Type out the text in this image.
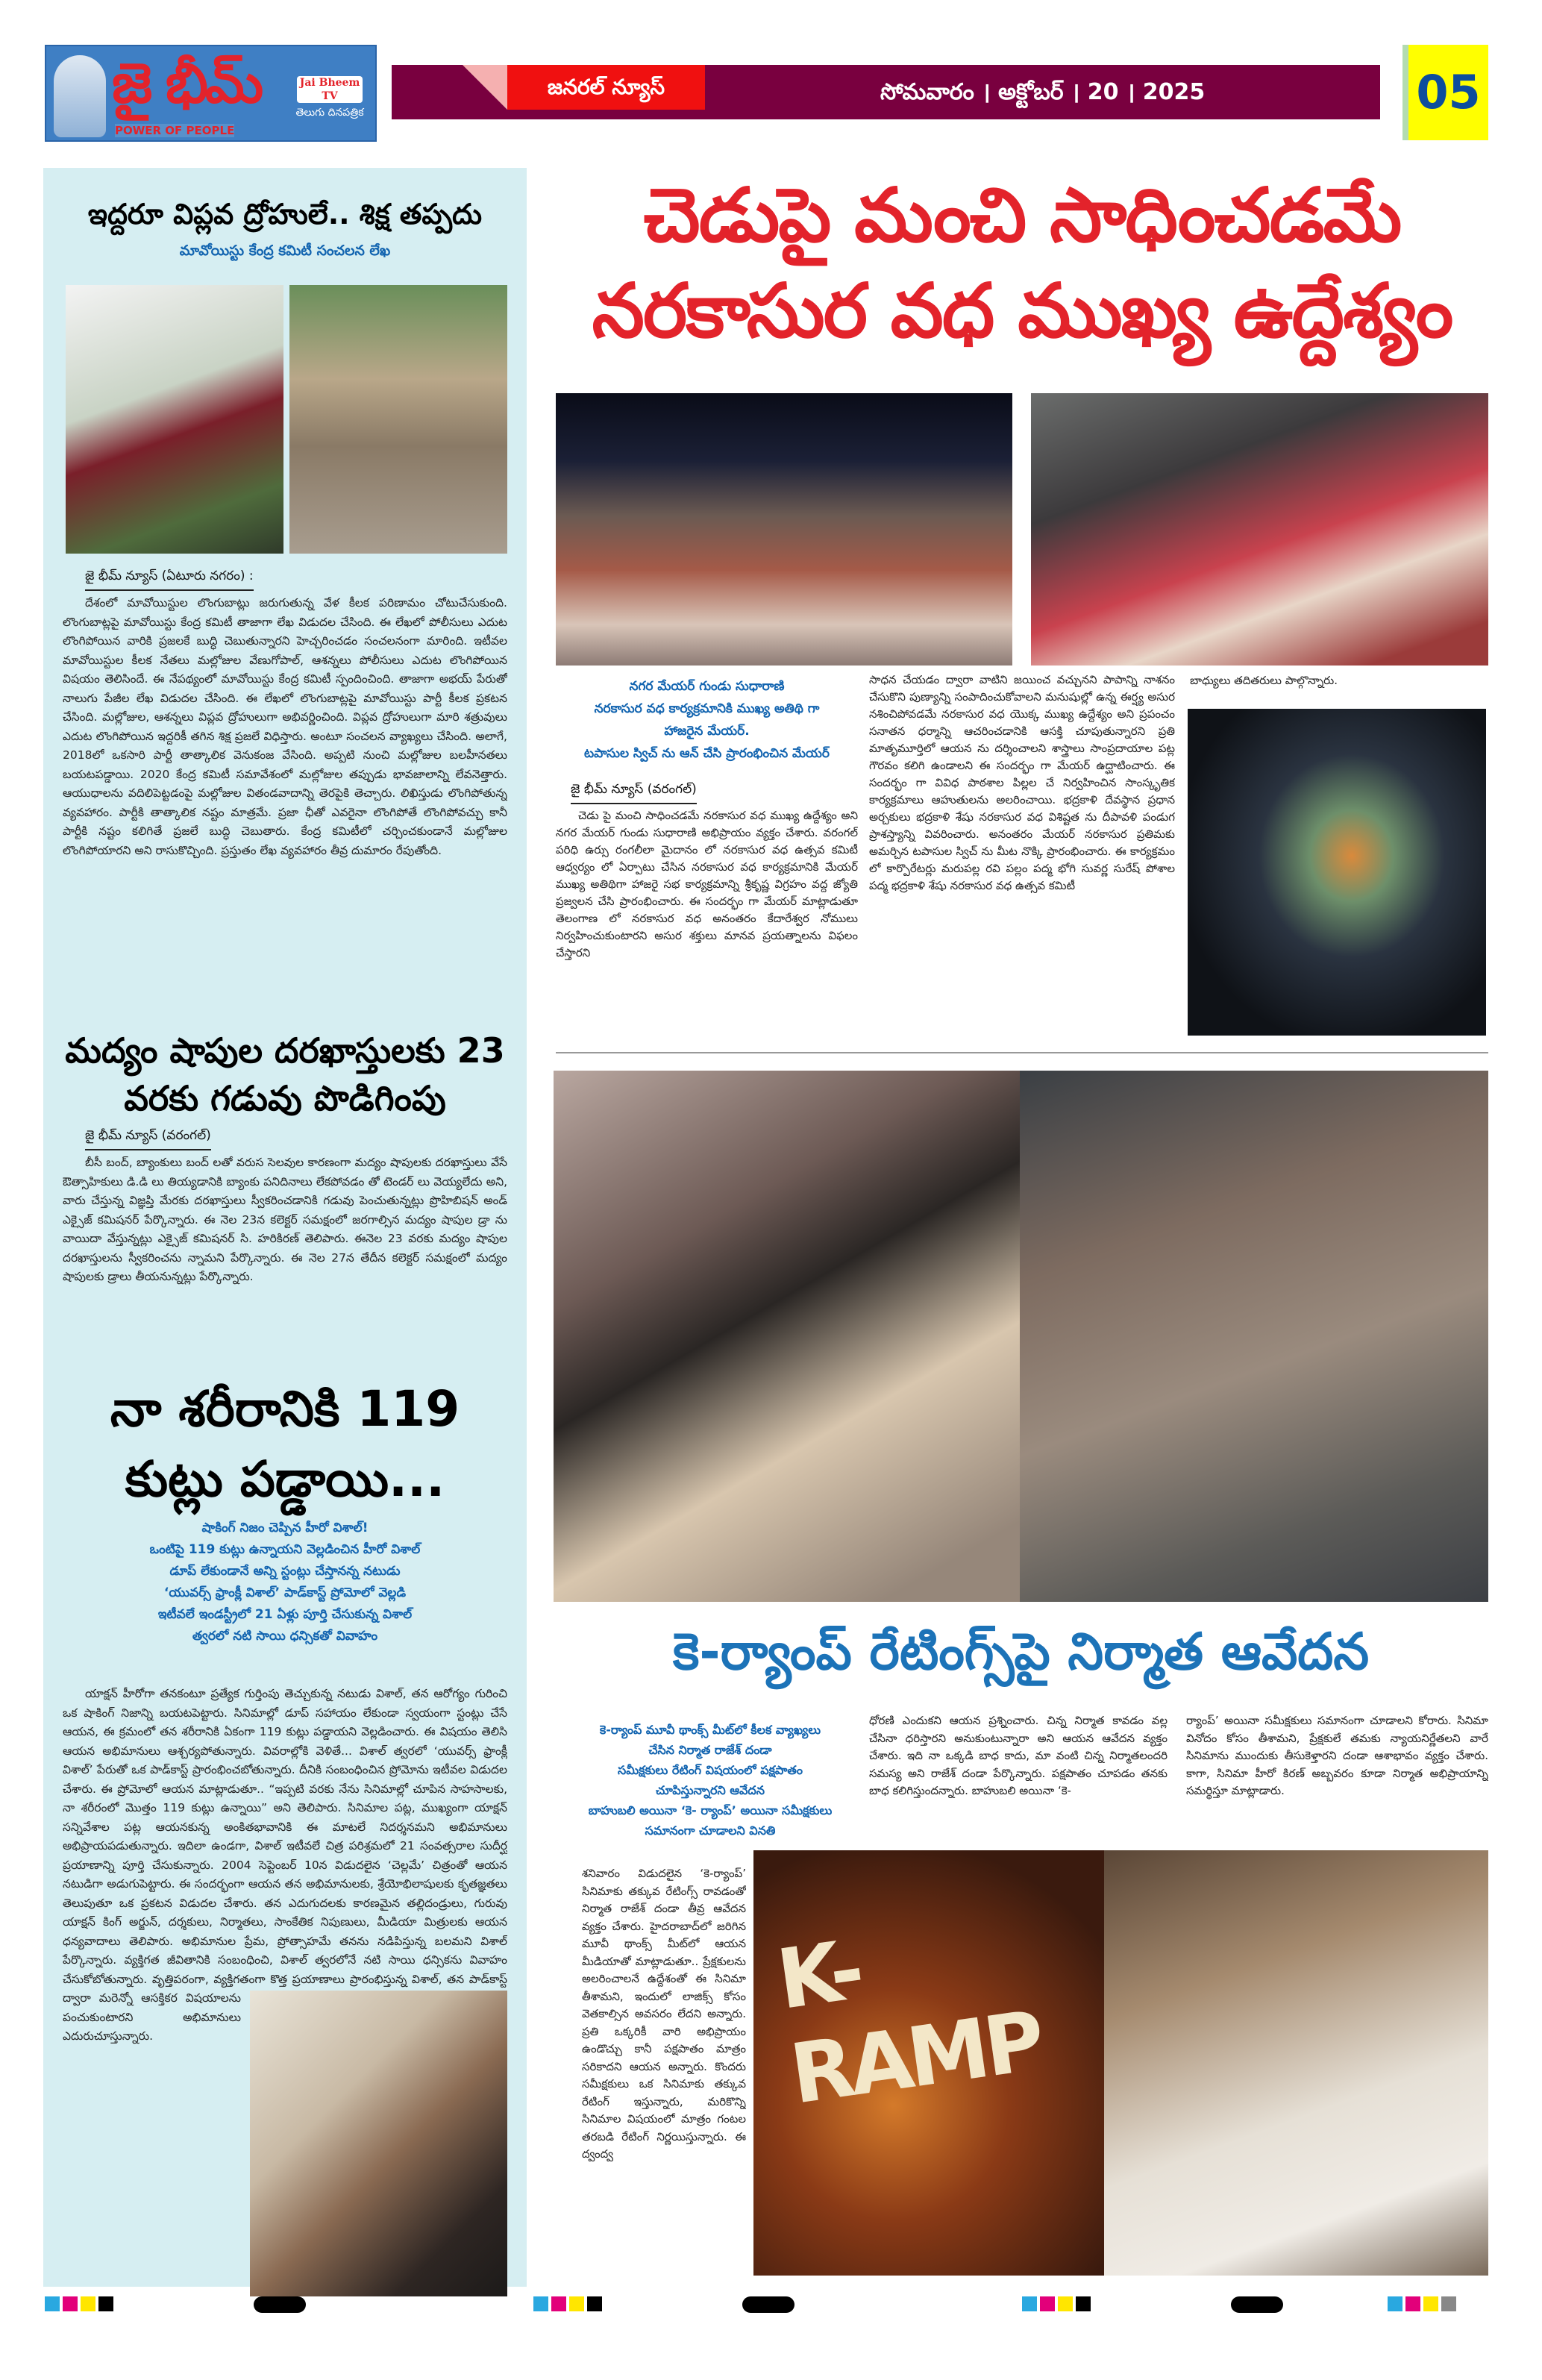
జై భీమ్
POWER OF PEOPLE
Jai Bheem TV
తెలుగు దినపత్రిక
జనరల్ న్యూస్	సోమవారం । అక్టోబర్ । 20 । 2025	05
ఇద్దరూ విప్లవ ద్రోహులే.. శిక్ష తప్పదు
మావోయిస్టు కేంద్ర కమిటీ సంచలన లేఖ
జై భీమ్ న్యూస్ (ఏటూరు నగరం) :
దేశంలో మావోయిస్టుల లొంగుబాట్లు జరుగుతున్న వేళ కీలక పరిణామం చోటుచేసుకుంది. లొంగుబాట్లపై మావోయిస్టు కేంద్ర కమిటీ తాజాగా లేఖ విడుదల చేసింది. ఈ లేఖలో పోలీసులు ఎదుట లొంగిపోయిన వారికి ప్రజలకే బుద్ధి చెబుతున్నారని హెచ్చరించడం సంచలనంగా మారింది. ఇటీవల మావోయిస్టుల కీలక నేతలు మల్లోజుల వేణుగోపాల్, ఆశన్నలు పోలీసులు ఎదుట లొంగిపోయిన విషయం తెలిసిందే. ఈ నేపథ్యంలో మావోయిస్టు కేంద్ర కమిటీ స్పందించింది. తాజాగా అభయ్ పేరుతో నాలుగు పేజీల లేఖ విడుదల చేసింది. ఈ లేఖలో లొంగుబాట్లపై మావోయిస్టు పార్టీ కీలక ప్రకటన చేసింది. మల్లోజుల, ఆశన్నలు విప్లవ ద్రోహులుగా అభివర్ణించింది. విప్లవ ద్రోహులుగా మారి శత్రువులు ఎదుట లొంగిపోయిన ఇద్దరికీ తగిన శిక్ష ప్రజలే విధిస్తారు. అంటూ సంచలన వ్యాఖ్యలు చేసింది. అలాగే, 2018లో ఒకసారి పార్టీ తాత్కాలిక వెనుకంజ వేసింది. అప్పటి నుంచి మల్లోజుల బలహీనతలు బయటపడ్డాయి. 2020 కేంద్ర కమిటీ సమావేశంలో మల్లోజుల తప్పుడు భావజాలాన్ని లేవనెత్తారు. ఆయుధాలను వదిలిపెట్టడంపై మల్లోజుల వితండవాదాన్ని తెరపైకి తెచ్చారు. లిఖిస్తుడు లొంగిపోతున్న వ్యవహారం. పార్టీకి తాత్కాలిక నష్టం మాత్రమే. ప్రజా ఛీతో ఎవరైనా లొంగిపోతే లొంగిపోవచ్చు కానీ పార్టీకి నష్టం కలిగితే ప్రజలే బుద్ధి చెబుతారు. కేంద్ర కమిటీలో చర్చించకుండానే మల్లోజుల లొంగిపోయారని అని రాసుకొచ్చింది. ప్రస్తుతం లేఖ వ్యవహారం తీవ్ర దుమారం రేపుతోంది.
మద్యం షాపుల దరఖాస్తులకు 23 వరకు గడువు పొడిగింపు
జై భీమ్ న్యూస్ (వరంగల్)
బీసీ బంద్, బ్యాంకులు బంద్ లతో వరుస సెలవుల కారణంగా మద్యం షాపులకు దరఖాస్తులు వేసే ఔత్సాహికులు డి.డి లు తియ్యడానికి బ్యాంకు పనిదినాలు లేకపోవడం తో టెండర్ లు వెయ్యలేదు అని, వారు చేస్తున్న విజ్ఞప్తి మేరకు దరఖాస్తులు స్వీకరించడానికి గడువు పెంచుతున్నట్లు ప్రొహిబిషన్ అండ్ ఎక్సైజ్ కమిషనర్ పేర్కొన్నారు. ఈ నెల 23న కలెక్టర్ సమక్షంలో జరగాల్సిన మద్యం షాపుల డ్రా ను వాయిదా వేస్తున్నట్లు ఎక్సైజ్ కమిషనర్ సి. హరికిరణ్ తెలిపారు. ఈనెల 23 వరకు మద్యం షాపుల దరఖాస్తులను స్వీకరించను న్నామని పేర్కొన్నారు. ఈ నెల 27న తేదీన కలెక్టర్ సమక్షంలో మద్యం షాపులకు డ్రాలు తీయనున్నట్లు పేర్కొన్నారు.
నా శరీరానికి 119
కుట్లు పడ్డాయి...
షాకింగ్ నిజం చెప్పిన హీరో విశాల్!
ఒంటిపై 119 కుట్లు ఉన్నాయని వెల్లడించిన హీరో విశాల్
డూప్ లేకుండానే అన్ని స్టంట్లు చేస్తానన్న నటుడు
‘యువర్స్ ఫ్రాంక్లీ విశాల్’ పాడ్‌కాస్ట్ ప్రోమోలో వెల్లడి
ఇటీవలే ఇండస్ట్రీలో 21 ఏళ్లు పూర్తి చేసుకున్న విశాల్
త్వరలో నటి సాయి ధన్సికతో వివాహం
యాక్షన్ హీరోగా తనకంటూ ప్రత్యేక గుర్తింపు తెచ్చుకున్న నటుడు విశాల్, తన ఆరోగ్యం గురించి ఒక షాకింగ్ నిజాన్ని బయటపెట్టారు. సినిమాల్లో డూప్ సహాయం లేకుండా స్వయంగా స్టంట్లు చేసే ఆయన, ఈ క్రమంలో తన శరీరానికి ఏకంగా 119 కుట్లు పడ్డాయని వెల్లడించారు. ఈ విషయం తెలిసి ఆయన అభిమానులు ఆశ్చర్యపోతున్నారు. వివరాల్లోకి వెళితే... విశాల్ త్వరలో ‘యువర్స్ ఫ్రాంక్లీ విశాల్’ పేరుతో ఒక పాడ్‌కాస్ట్ ప్రారంభించబోతున్నారు. దీనికి సంబంధించిన ప్రోమోను ఇటీవల విడుదల చేశారు. ఈ ప్రోమోలో ఆయన మాట్లాడుతూ.. “ఇప్పటి వరకు నేను సినిమాల్లో చూపిన సాహసాలకు, నా శరీరంలో మొత్తం 119 కుట్లు ఉన్నాయి” అని తెలిపారు. సినిమాల పట్ల, ముఖ్యంగా యాక్షన్ సన్నివేశాల పట్ల ఆయనకున్న అంకితభావానికి ఈ మాటలే నిదర్శనమని అభిమానులు అభిప్రాయపడుతున్నారు. ఇదిలా ఉండగా, విశాల్ ఇటీవలే చిత్ర పరిశ్రమలో 21 సంవత్సరాల సుదీర్ఘ ప్రయాణాన్ని పూర్తి చేసుకున్నారు. 2004 సెప్టెంబర్ 10న విడుదలైన ‘చెల్లమే’ చిత్రంతో ఆయన నటుడిగా అడుగుపెట్టారు. ఈ సందర్భంగా ఆయన తన అభిమానులకు, శ్రేయోభిలాషులకు కృతజ్ఞతలు తెలుపుతూ ఒక ప్రకటన విడుదల చేశారు. తన ఎదుగుదలకు కారణమైన తల్లిదండ్రులు, గురువు యాక్షన్ కింగ్ అర్జున్, దర్శకులు, నిర్మాతలు, సాంకేతిక నిపుణులు, మీడియా మిత్రులకు ఆయన ధన్యవాదాలు తెలిపారు. అభిమానుల ప్రేమ, ప్రోత్సాహమే తనను నడిపిస్తున్న బలమని విశాల్ పేర్కొన్నారు. వ్యక్తిగత జీవితానికి సంబంధించి, విశాల్ త్వరలోనే నటి సాయి ధన్సికను వివాహం చేసుకోబోతున్నారు. వృత్తిపరంగా, వ్యక్తిగతంగా కొత్త ప్రయాణాలు ప్రారంభిస్తున్న విశాల్, తన పాడ్‌కాస్ట్ ద్వారా మరెన్నో ఆసక్తికర విషయాలను పంచుకుంటారని అభిమానులు ఎదురుచూస్తున్నారు.
చెడుపై మంచి సాధించడమే
నరకాసుర వధ ముఖ్య ఉద్దేశ్యం
నగర మేయర్ గుండు సుధారాణి
నరకాసుర వధ కార్యక్రమానికి ముఖ్య అతిథి గా
హాజరైన మేయర్.
టపాసుల స్విచ్ ను ఆన్ చేసి ప్రారంభించిన మేయర్
జై భీమ్ న్యూస్ (వరంగల్)
చెడు పై మంచి సాధించడమే నరకాసుర వధ ముఖ్య ఉద్దేశ్యం అని నగర మేయర్ గుండు సుధారాణి అభిప్రాయం వ్యక్తం చేశారు. వరంగల్ పరిధి ఉర్సు రంగలీలా మైదానం లో నరకాసుర వధ ఉత్సవ కమిటీ ఆధ్వర్యం లో ఏర్పాటు చేసిన నరకాసుర వధ కార్యక్రమానికి మేయర్ ముఖ్య అతిథిగా హాజరై సభ కార్యక్రమాన్ని శ్రీకృష్ణ విగ్రహం వద్ద జ్యోతి ప్రజ్వలన చేసి ప్రారంభించారు. ఈ సందర్భం గా మేయర్ మాట్లాడుతూ తెలంగాణ లో నరకాసుర వధ అనంతరం కేదారేశ్వర నోములు నిర్వహించుకుంటారని అసుర శక్తులు మానవ ప్రయత్నాలను విఫలం చేస్తారని
సాధన చేయడం ద్వారా వాటిని జయించ వచ్చునని పాపాన్ని నాశనం చేసుకొని పుణ్యాన్ని సంపాదించుకోవాలని మనుషుల్లో ఉన్న ఈర్ష్య అసుర నశించిపోవడమే నరకాసుర వధ యొక్క ముఖ్య ఉద్దేశ్యం అని ప్రపంచం సనాతన ధర్మాన్ని ఆచరించడానికి ఆసక్తి చూపుతున్నారని ప్రతి మాతృమూర్తిలో ఆయన ను దర్శించాలని శాస్త్రాలు సాంప్రదాయాల పట్ల గౌరవం కలిగి ఉండాలని ఈ సందర్భం గా మేయర్ ఉద్ఘాటించారు. ఈ సందర్భం గా వివిధ పాఠశాల పిల్లల చే నిర్వహించిన సాంస్కృతిక కార్యక్రమాలు ఆహుతులను అలరించాయి. భద్రకాళి దేవస్థాన ప్రధాన అర్చకులు భద్రకాళి శేషు నరకాసుర వధ విశిష్టత ను దీపావళి పండుగ ప్రాశస్త్యాన్ని వివరించారు. అనంతరం మేయర్ నరకాసుర ప్రతిమకు అమర్చిన టపాసుల స్విచ్ ను మీట నొక్కి ప్రారంభించారు. ఈ కార్యక్రమం లో కార్పొరేటర్లు మరుపల్ల రవి పల్లం పద్మ భోగి సువర్ణ సురేష్ పోశాల పద్మ భద్రకాళి శేషు నరకాసుర వధ ఉత్సవ కమిటీ
బాధ్యులు తదితరులు పాల్గొన్నారు.
కె-ర్యాంప్ రేటింగ్స్‌పై నిర్మాత ఆవేదన
కె-ర్యాంప్ మూవీ థాంక్స్ మీట్‌లో కీలక వ్యాఖ్యలు
చేసిన నిర్మాత రాజేశ్ దండా
సమీక్షకులు రేటింగ్ విషయంలో పక్షపాతం
చూపిస్తున్నారని ఆవేదన
బాహుబలి అయినా ‘కె- ర్యాంప్’ అయినా సమీక్షకులు
సమానంగా చూడాలని వినతి
శనివారం విడుదలైన ‘కె-ర్యాంప్’ సినిమాకు తక్కువ రేటింగ్స్ రావడంతో నిర్మాత రాజేశ్ దండా తీవ్ర ఆవేదన వ్యక్తం చేశారు. హైదరాబాద్‌లో జరిగిన మూవీ థాంక్స్ మీట్‌లో ఆయన మీడియాతో మాట్లాడుతూ.. ప్రేక్షకులను అలరించాలనే ఉద్దేశంతో ఈ సినిమా తీశామని, ఇందులో లాజిక్స్ కోసం వెతకాల్సిన అవసరం లేదని అన్నారు. ప్రతి ఒక్కరికీ వారి అభిప్రాయం ఉండొచ్చు కానీ పక్షపాతం మాత్రం సరికాదని ఆయన అన్నారు. కొందరు సమీక్షకులు ఒక సినిమాకు తక్కువ రేటింగ్ ఇస్తున్నారు, మరికొన్ని సినిమాల విషయంలో మాత్రం గంటల తరబడి రేటింగ్ నిర్ణయిస్తున్నారు. ఈ ద్వంద్వ
ధోరణి ఎందుకని ఆయన ప్రశ్నించారు. చిన్న నిర్మాత కావడం వల్ల చేసినా ధరిస్తారని అనుకుంటున్నారా అని ఆయన ఆవేదన వ్యక్తం చేశారు. ఇది నా ఒక్కడి బాధ కాదు, మా వంటి చిన్న నిర్మాతలందరి సమస్య అని రాజేశ్ దండా పేర్కొన్నారు. పక్షపాతం చూపడం తనకు బాధ కలిగిస్తుందన్నారు. బాహుబలి అయినా ‘కె-
ర్యాంప్’ అయినా సమీక్షకులు సమానంగా చూడాలని కోరారు. సినిమా వినోదం కోసం తీశామని, ప్రేక్షకులే తమకు న్యాయనిర్ణేతలని వారే సినిమాను ముందుకు తీసుకెళ్తారని దండా ఆశాభావం వ్యక్తం చేశారు. కాగా, సినిమా హీరో కిరణ్ అబ్బవరం కూడా నిర్మాత అభిప్రాయాన్ని సమర్థిస్తూ మాట్లాడారు.
K-RAMP
